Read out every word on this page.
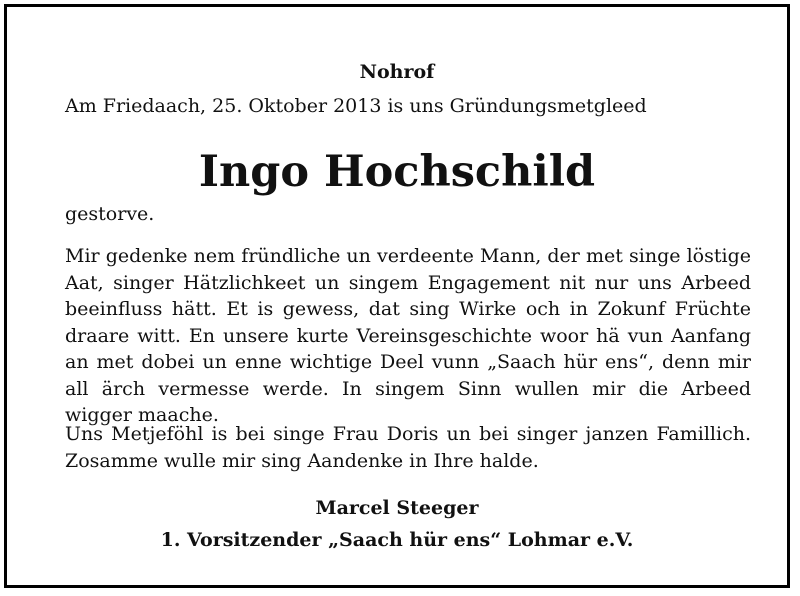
Nohrof
Am Friedaach, 25. Oktober 2013 is uns Gründungsmetgleed
Ingo Hochschild
gestorve.

Mir gedenke nem fründliche un verdeente Mann, der met singe löstige Aat, singer Hätzlichkeet un singem Engagement nit nur uns Arbeed beeinfluss hätt. Et is gewess, dat sing Wirke och in Zokunf Früchte draare witt. En unsere kurte Vereinsgeschichte woor hä vun Aanfang an met dobei un enne wichtige Deel vunn „Saach hür ens“, denn mir all ärch vermesse werde. In singem Sinn wullen mir die Arbeed wigger maache.

Uns Metjeföhl is bei singe Frau Doris un bei singer janzen Famillich. Zosamme wulle mir sing Aandenke in Ihre halde.

Marcel Steeger
1. Vorsitzender „Saach hür ens“ Lohmar e.V.
